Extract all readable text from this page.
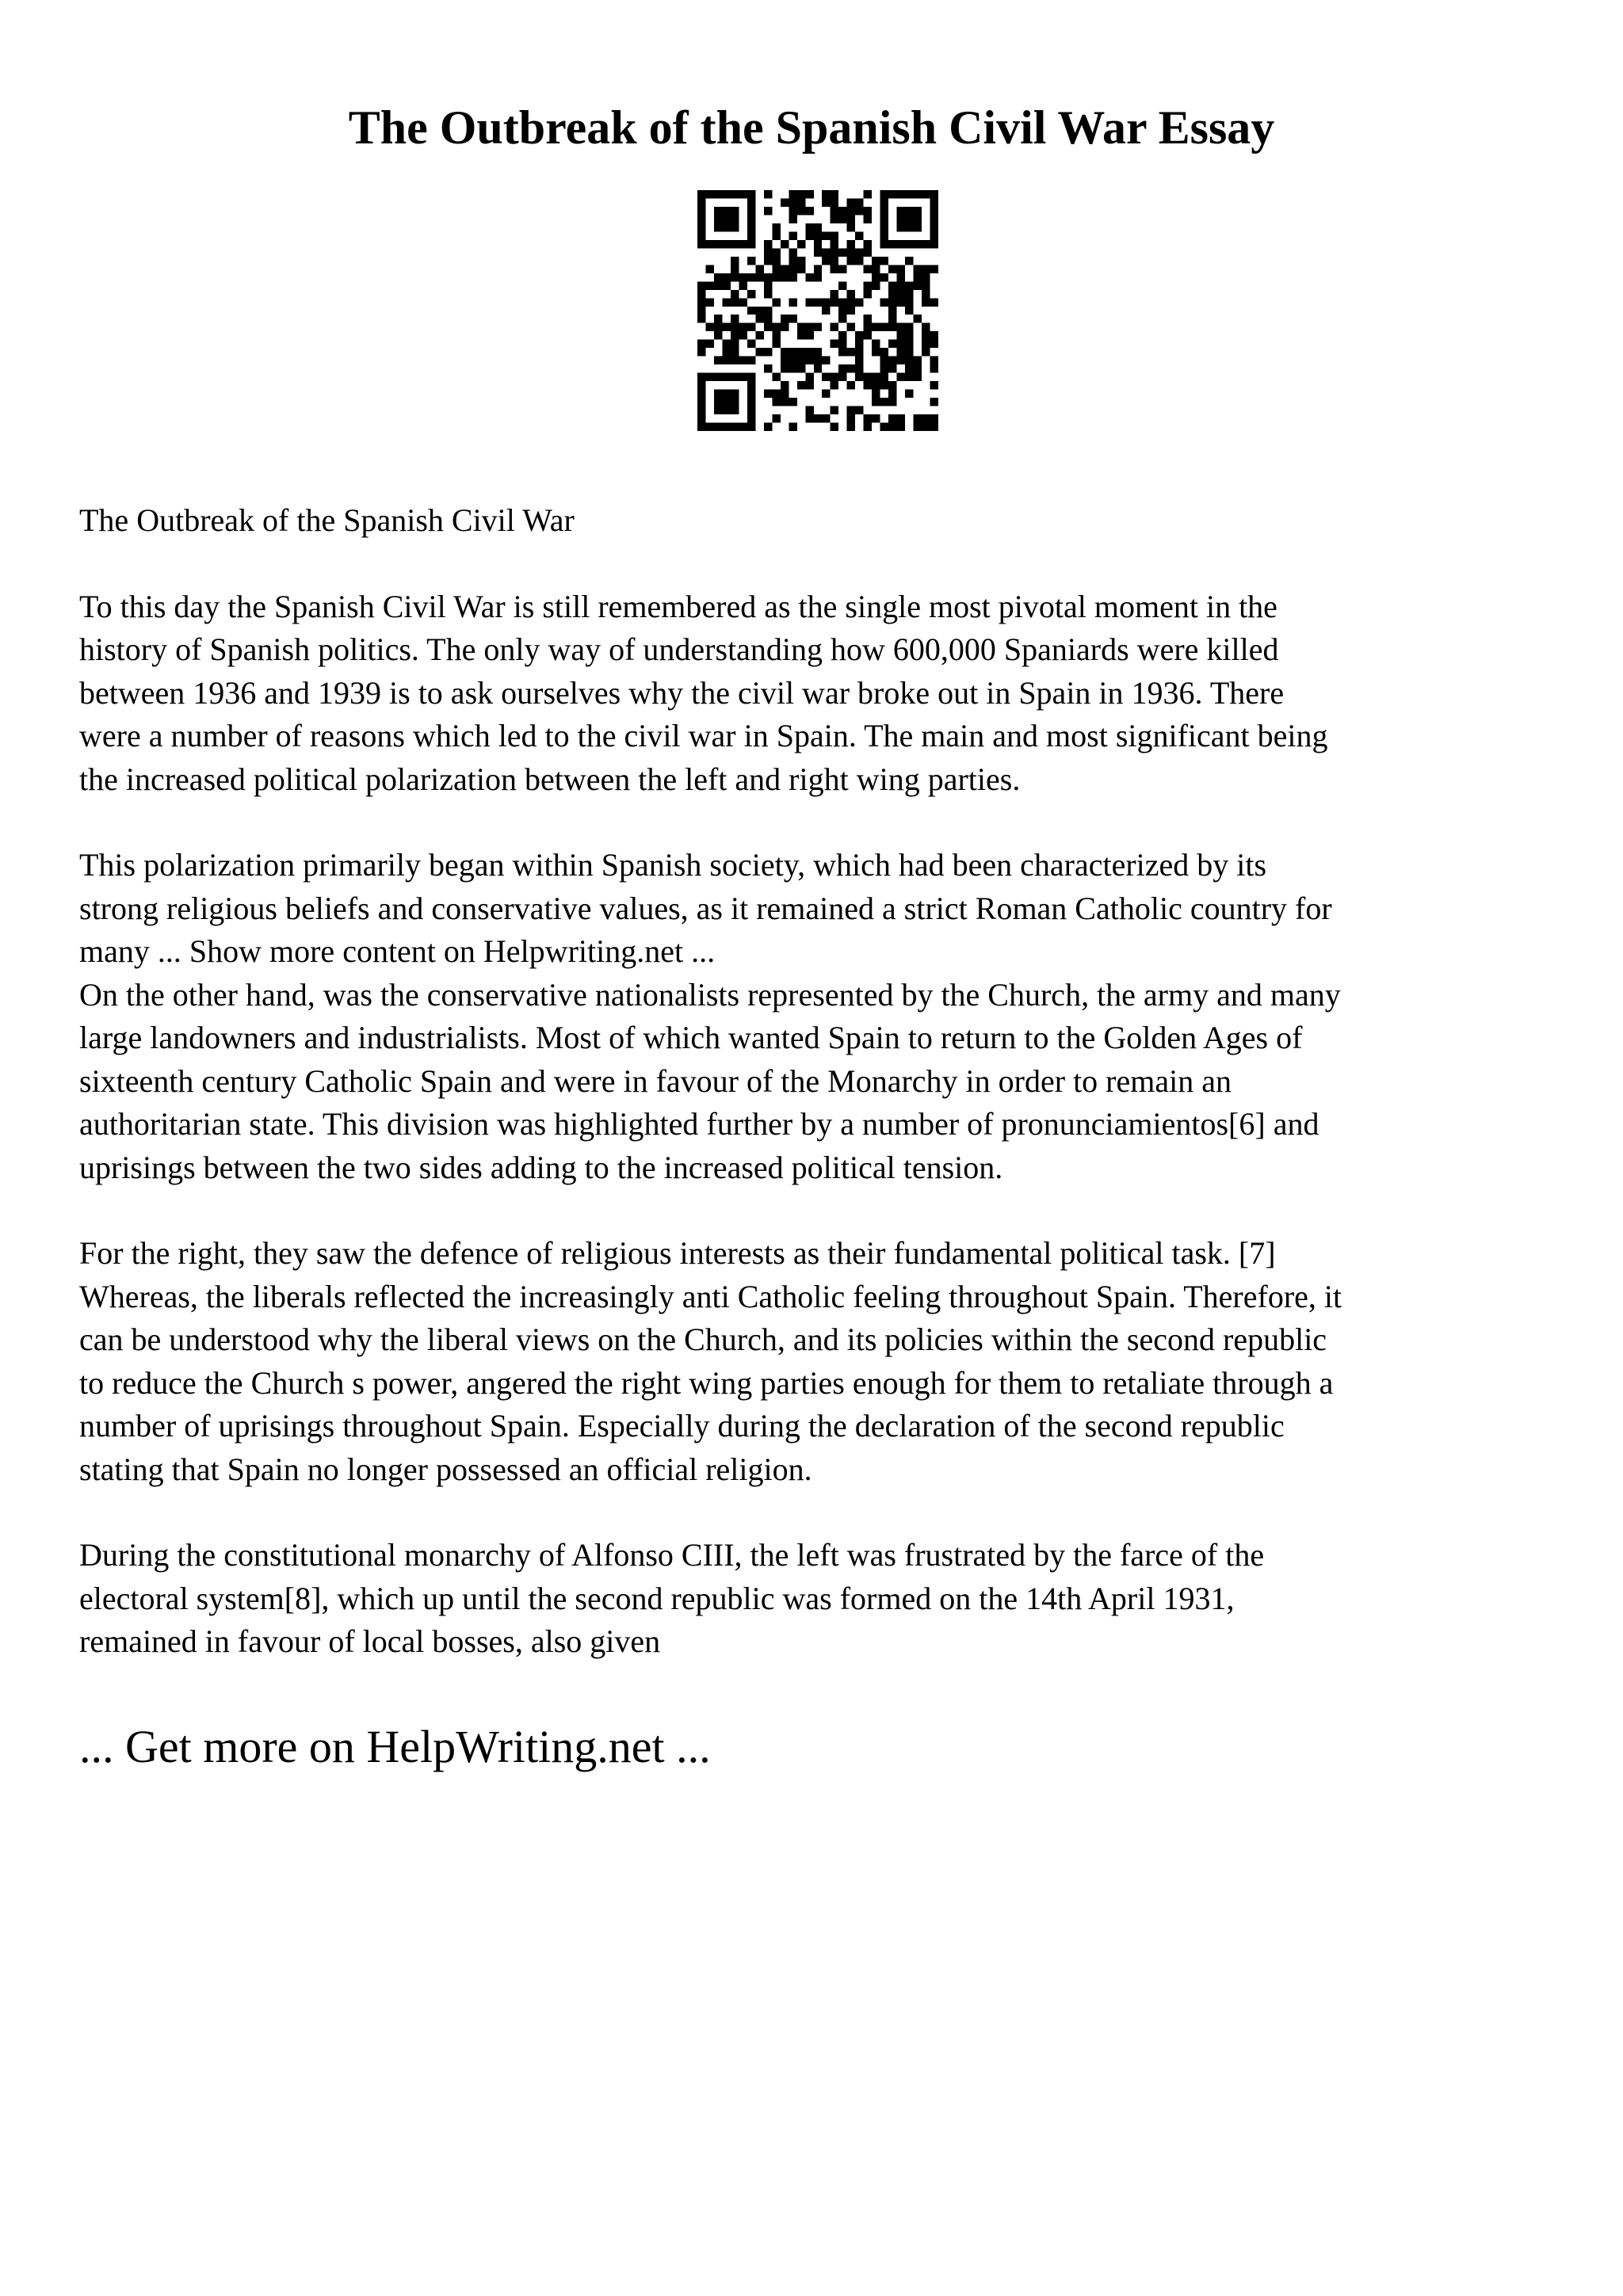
The Outbreak of the Spanish Civil War Essay

The Outbreak of the Spanish Civil War

To this day the Spanish Civil War is still remembered as the single most pivotal moment in the
history of Spanish politics. The only way of understanding how 600,000 Spaniards were killed
between 1936 and 1939 is to ask ourselves why the civil war broke out in Spain in 1936. There
were a number of reasons which led to the civil war in Spain. The main and most significant being
the increased political polarization between the left and right wing parties.

This polarization primarily began within Spanish society, which had been characterized by its
strong religious beliefs and conservative values, as it remained a strict Roman Catholic country for
many ... Show more content on Helpwriting.net ...

On the other hand, was the conservative nationalists represented by the Church, the army and many
large landowners and industrialists. Most of which wanted Spain to return to the Golden Ages of
sixteenth century Catholic Spain and were in favour of the Monarchy in order to remain an
authoritarian state. This division was highlighted further by a number of pronunciamientos[6] and
uprisings between the two sides adding to the increased political tension.

For the right, they saw the defence of religious interests as their fundamental political task. [7]
Whereas, the liberals reflected the increasingly anti Catholic feeling throughout Spain. Therefore, it
can be understood why the liberal views on the Church, and its policies within the second republic
to reduce the Church s power, angered the right wing parties enough for them to retaliate through a
number of uprisings throughout Spain. Especially during the declaration of the second republic
stating that Spain no longer possessed an official religion.

During the constitutional monarchy of Alfonso CIII, the left was frustrated by the farce of the
electoral system[8], which up until the second republic was formed on the 14th April 1931,
remained in favour of local bosses, also given

... Get more on HelpWriting.net ...
